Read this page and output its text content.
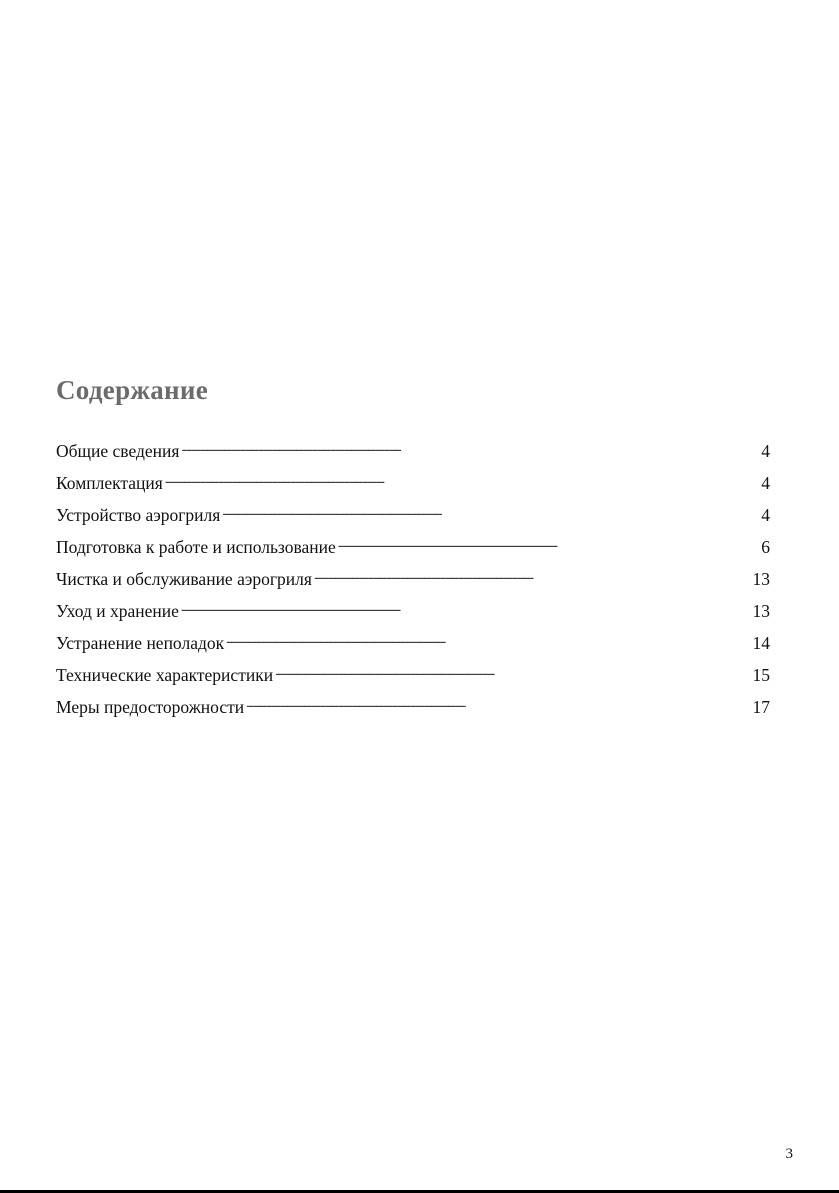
Содержание
Общие сведения . . .	4
Комплектация . . .	4
Устройство аэрогриля . . .	4
Подготовка к работе и использование . . .	6
Чистка и обслуживание аэрогриля . . .	13
Уход и хранение . . .	13
Устранение неполадок . . .	14
Технические характеристики . . .	15
Меры предосторожности . . .	17
3
